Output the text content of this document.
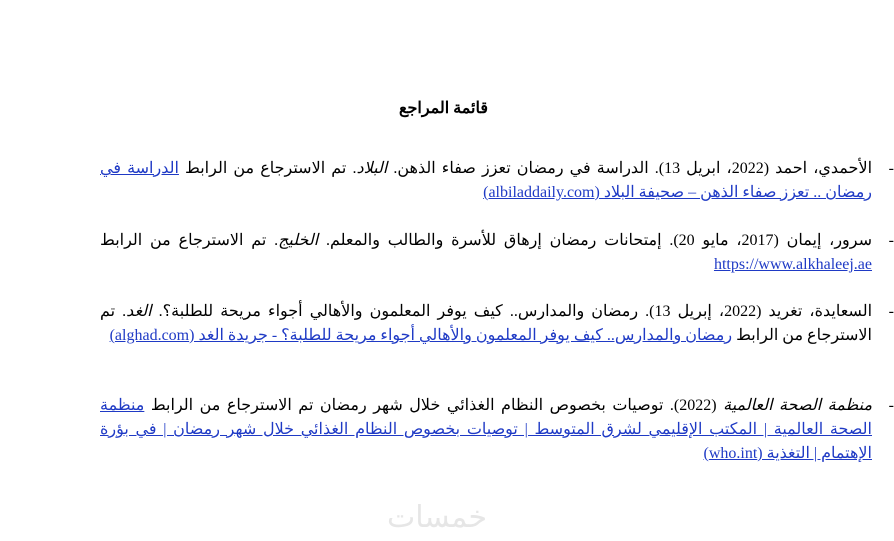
قائمة المراجع
-
الأحمدي، احمد (2022، ابريل 13). الدراسة في رمضان تعزز صفاء الذهن. البلاد. تم الاسترجاع من الرابط الدراسة في رمضان .. تعزز صفاء الذهن – صحيفة البلاد (albiladdaily.com)
-
سرور، إيمان (2017، مايو 20). إمتحانات رمضان إرهاق للأسرة والطالب والمعلم. الخليج. تم الاسترجاع من الرابط https://www.alkhaleej.ae
-
السعايدة، تغريد (2022، إبريل 13). رمضان والمدارس.. كيف يوفر المعلمون والأهالي أجواء مريحة للطلبة؟. الغد. تم الاسترجاع من الرابط رمضان والمدارس.. كيف يوفر المعلمون والأهالي أجواء مريحة للطلبة؟ - جريدة الغد (alghad.com)
-
منظمة الصحة العالمية (2022). توصيات بخصوص النظام الغذائي خلال شهر رمضان تم الاسترجاع من الرابط منظمة الصحة العالمية | المكتب الإقليمي لشرق المتوسط | توصيات بخصوص النظام الغذائي خلال شهر رمضان | في بؤرة الإهتمام | التغذية (who.int)
خمسات
